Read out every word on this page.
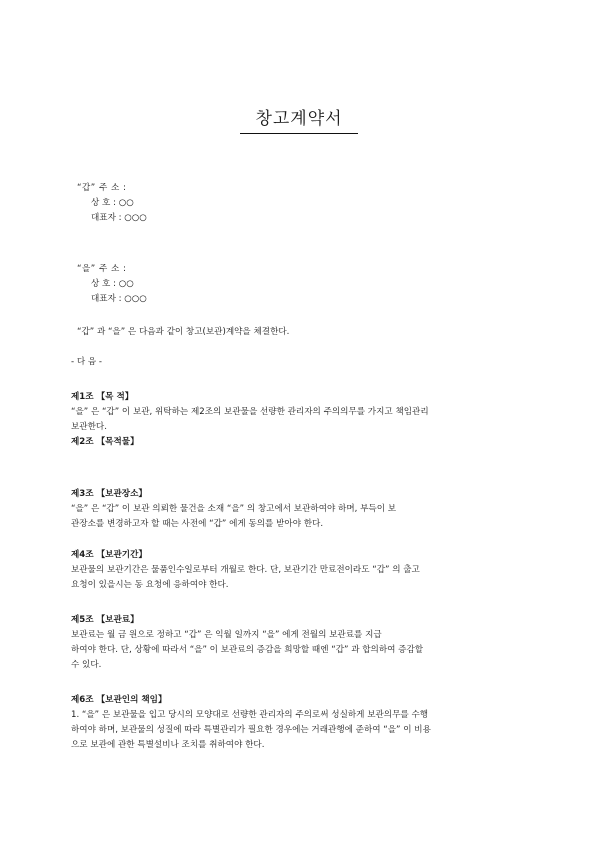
창고계약서
“갑” 주 소 :
상 호 : ○○
대표자 : ○○○
“을” 주 소 :
상 호 : ○○
대표자 : ○○○
“갑” 과 “을” 은 다음과 같이 창고(보관)계약을 체결한다.
- 다 음 -
제1조 【목 적】
“을” 은 “갑” 이 보관, 위탁하는 제2조의 보관물을 선량한 관리자의 주의의무를 가지고 책임관리
보관한다.
제2조 【목적물】
제3조 【보관장소】
“을” 은 “갑” 이 보관 의뢰한 물건을 소재 “을” 의 창고에서 보관하여야 하며, 부득이 보
관장소를 변경하고자 할 때는 사전에 “갑” 에게 동의를 받아야 한다.
제4조 【보관기간】
보관물의 보관기간은 물품인수일로부터 개월로 한다. 단, 보관기간 만료전이라도 “갑” 의 출고
요청이 있을시는 동 요청에 응하여야 한다.
제5조 【보관료】
보관료는 월 금 원으로 정하고 “갑” 은 익월 일까지 “을” 에게 전월의 보관료를 지급
하여야 한다. 단, 상황에 따라서 “을” 이 보관료의 증감을 희망할 때엔 “갑” 과 합의하여 증감할
수 있다.
제6조 【보관인의 책임】
1. “을” 은 보관물을 입고 당시의 모양대로 선량한 관리자의 주의로써 성실하게 보관의무를 수행
하여야 하며, 보관물의 성질에 따라 특별관리가 필요한 경우에는 거래관행에 준하여 “을” 이 비용
으로 보관에 관한 특별설비나 조치를 취하여야 한다.
